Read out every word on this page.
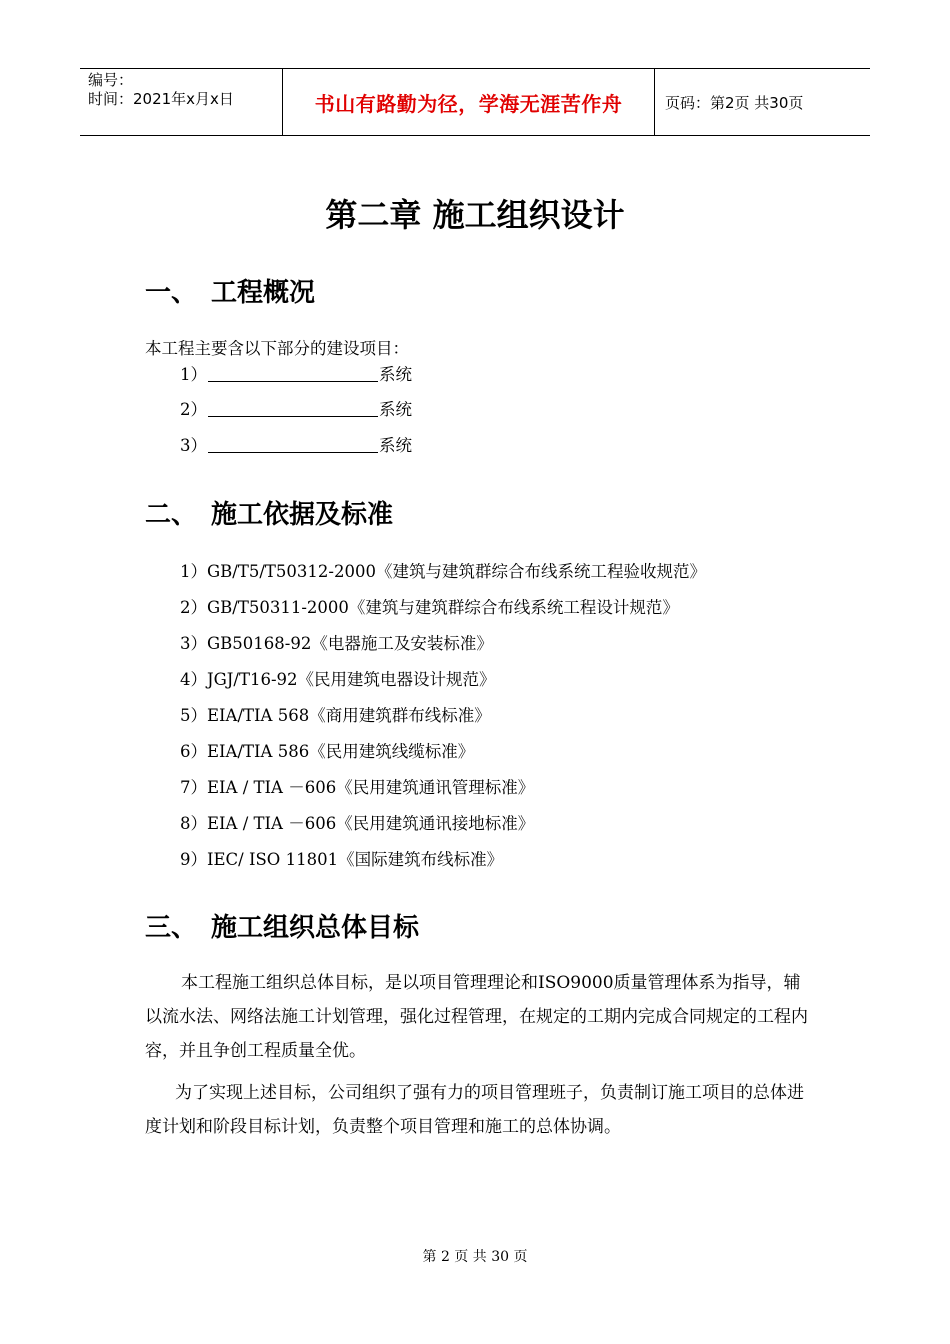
编号：
时间：2021年x月x日	书山有路勤为径，学海无涯苦作舟	页码：第2页 共30页
第二章 施工组织设计
一、 工程概况
本工程主要含以下部分的建设项目：
1）	系统
2）	系统
3）	系统
二、 施工依据及标准
1）GB/T5/T50312-2000《建筑与建筑群综合布线系统工程验收规范》
2）GB/T50311-2000《建筑与建筑群综合布线系统工程设计规范》
3）GB50168-92《电器施工及安装标准》
4）JGJ/T16-92《民用建筑电器设计规范》
5）EIA/TIA 568《商用建筑群布线标准》
6）EIA/TIA 586《民用建筑线缆标准》
7）EIA / TIA －606《民用建筑通讯管理标准》
8）EIA / TIA －606《民用建筑通讯接地标准》
9）IEC/ ISO 11801《国际建筑布线标准》
三、 施工组织总体目标
本工程施工组织总体目标，是以项目管理理论和ISO9000质量管理体系为指导，辅以流水法、网络法施工计划管理，强化过程管理，在规定的工期内完成合同规定的工程内容，并且争创工程质量全优。
为了实现上述目标，公司组织了强有力的项目管理班子，负责制订施工项目的总体进度计划和阶段目标计划，负责整个项目管理和施工的总体协调。
第 2 页 共 30 页
